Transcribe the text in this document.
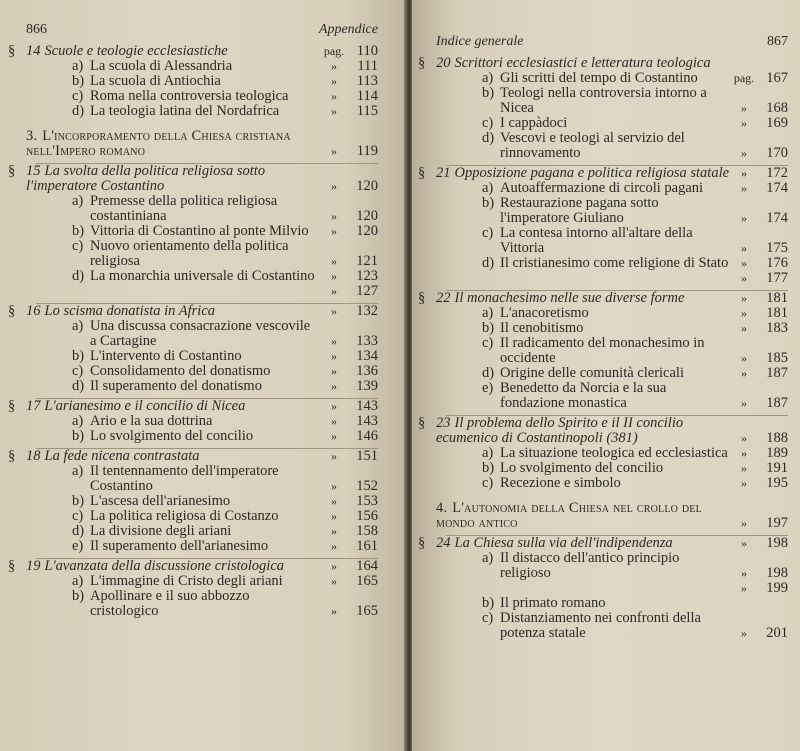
866	Appendice
§ 14 Scuole e teologie ecclesiastiche	pag. 110
a) La scuola di Alessandria	»	111
b) La scuola di Antiochia	»	113
c) Roma nella controversia teologica	»	114
d) La teologia latina del Nordafrica	»	115
3. L'incorporamento della Chiesa cristiana nell'Impero romano	»	119
§ 15 La svolta della politica religiosa sotto l'imperatore Costantino	»	120
a) Premesse della politica religiosa costantiniana	»	120
b) Vittoria di Costantino al ponte Milvio	»	120
c) Nuovo orientamento della politica religiosa	»	121
d) La monarchia universale di Costantino	»	123
»	127
§ 16 Lo scisma donatista in Africa	»	132
a) Una discussa consacrazione vescovile a Cartagine	»	133
b) L'intervento di Costantino	»	134
c) Consolidamento del donatismo	»	136
d) Il superamento del donatismo	»	139
§ 17 L'arianesimo e il concilio di Nicea	»	143
a) Ario e la sua dottrina	»	143
b) Lo svolgimento del concilio	»	146
§ 18 La fede nicena contrastata	»	151
a) Il tentennamento dell'imperatore Costantino	»	152
b) L'ascesa dell'arianesimo	»	153
c) La politica religiosa di Costanzo	»	156
d) La divisione degli ariani	»	158
e) Il superamento dell'arianesimo	»	161
§ 19 L'avanzata della discussione cristologica	»	164
a) L'immagine di Cristo degli ariani	»	165
b) Apollinare e il suo abbozzo cristologico	»	165
Indice generale	867
§ 20 Scrittori ecclesiastici e letteratura teologica
a) Gli scritti del tempo di Costantino	pag. 167
b) Teologi nella controversia intorno a Nicea	»	168
c) I cappàdoci	»	169
d) Vescovi e teologi al servizio del rinnovamento	»	170
§ 21 Opposizione pagana e politica religiosa statale »	172
a) Autoaffermazione di circoli pagani	»	174
b) Restaurazione pagana sotto l'imperatore Giuliano	»	174
c) La contesa intorno all'altare della Vittoria	»	175
d) Il cristianesimo come religione di Stato	»	176
»	177
§ 22 Il monachesimo nelle sue diverse forme	»	181
a) L'anacoretismo	»	181
b) Il cenobitismo	»	183
c) Il radicamento del monachesimo in occidente	»	185
d) Origine delle comunità clericali	»	187
e) Benedetto da Norcia e la sua fondazione monastica	»	187
§ 23 Il problema dello Spirito e il II concilio ecumenico di Costantinopoli (381)	»	188
a) La situazione teologica ed ecclesiastica	»	189
b) Lo svolgimento del concilio	»	191
c) Recezione e simbolo	»	195
4. L'autonomia della Chiesa nel crollo del mondo antico	»	197
§ 24 La Chiesa sulla via dell'indipendenza	»	198
a) Il distacco dell'antico principio religioso	»	198
»	199
b) Il primato romano
c) Distanziamento nei confronti della potenza statale	»	201
